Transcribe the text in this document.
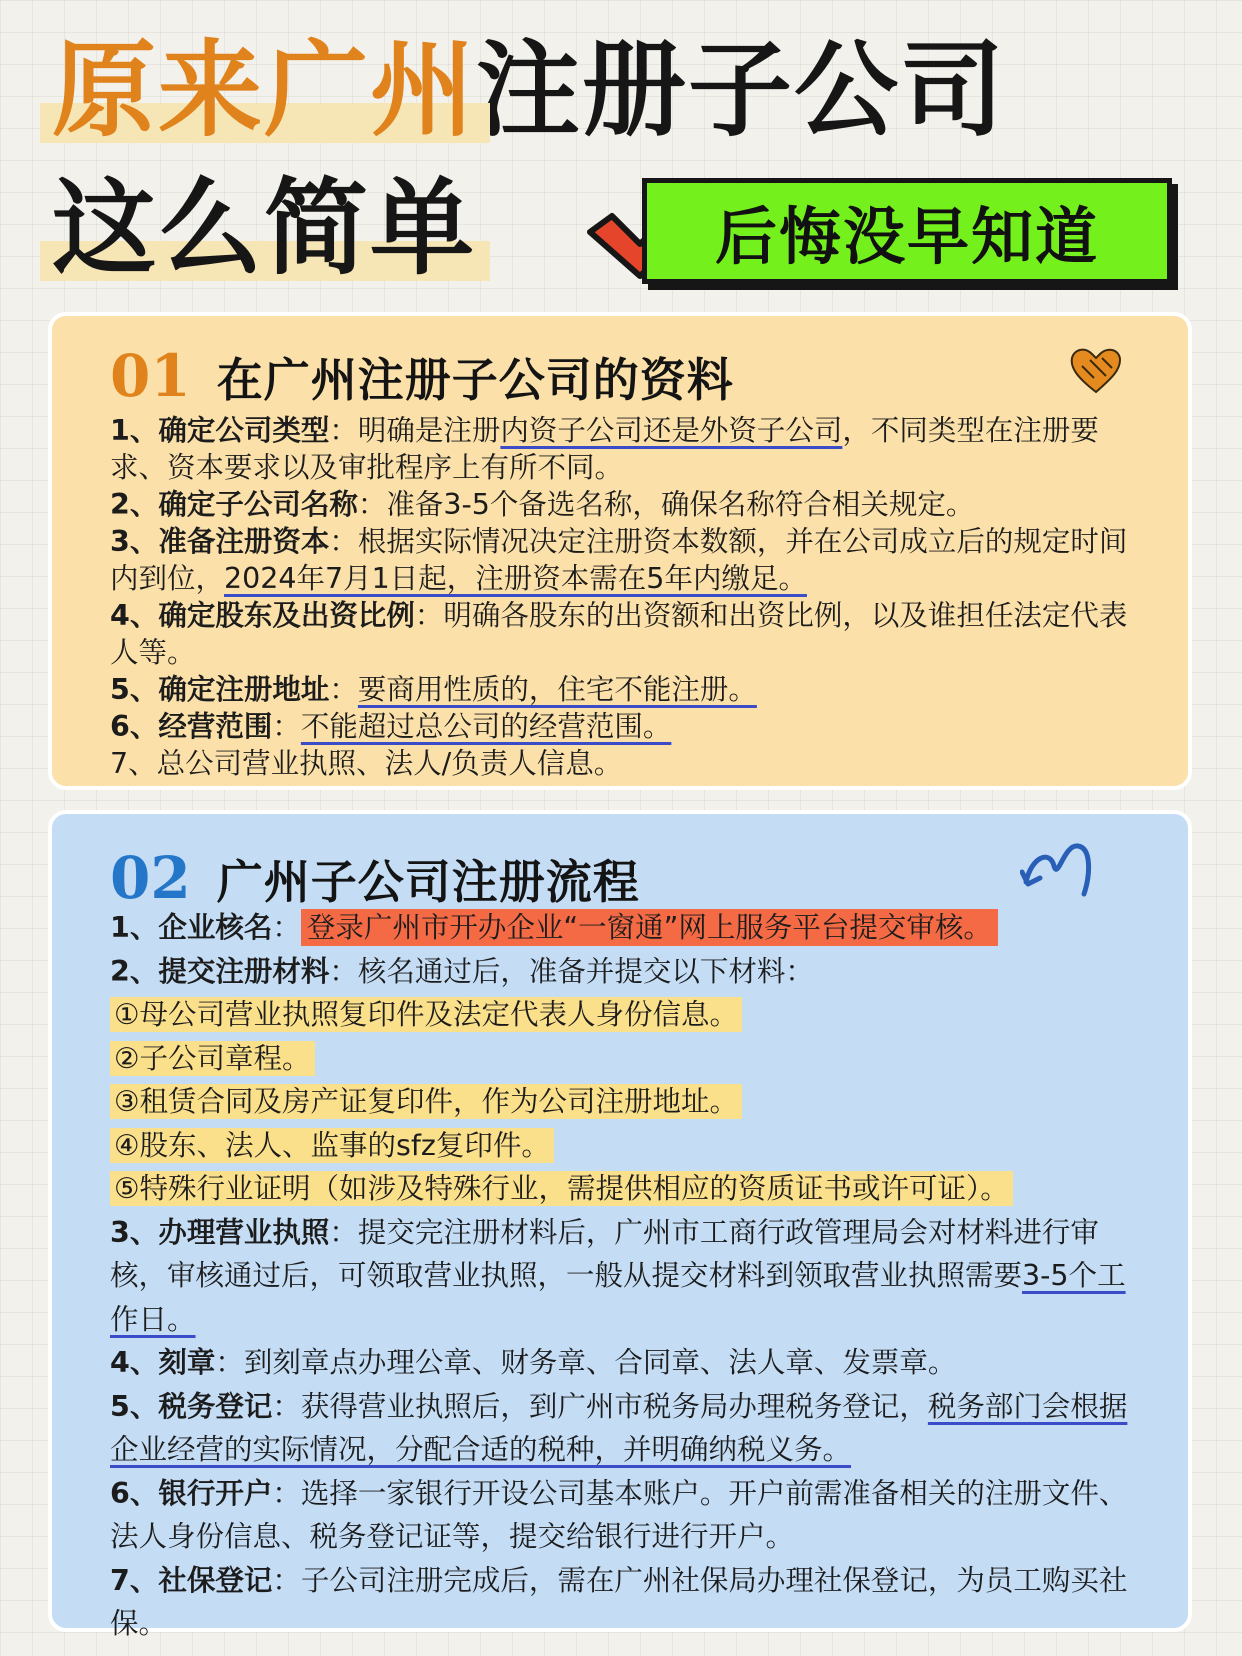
原来广州注册子公司
这么简单	后悔没早知道
01 在广州注册子公司的资料

1、确定公司类型：明确是注册内资子公司还是外资子公司，不同类型在注册要求、资本要求以及审批程序上有所不同。

2、确定子公司名称：准备3-5个备选名称，确保名称符合相关规定。

3、准备注册资本：根据实际情况决定注册资本数额，并在公司成立后的规定时间内到位，2024年7月1日起，注册资本需在5年内缴足。

4、确定股东及出资比例：明确各股东的出资额和出资比例，以及谁担任法定代表人等。

5、确定注册地址：要商用性质的，住宅不能注册。

6、经营范围：不能超过总公司的经营范围。

7、总公司营业执照、法人/负责人信息。

02 广州子公司注册流程

1、企业核名： 登录广州市开办企业“一窗通”网上服务平台提交审核。

2、提交注册材料：核名通过后，准备并提交以下材料：

①母公司营业执照复印件及法定代表人身份信息。

②子公司章程。

③租赁合同及房产证复印件，作为公司注册地址。

④股东、法人、监事的sfz复印件。

⑤特殊行业证明（如涉及特殊行业，需提供相应的资质证书或许可证）。

3、办理营业执照：提交完注册材料后，广州市工商行政管理局会对材料进行审核，审核通过后，可领取营业执照，一般从提交材料到领取营业执照需要3-5个工作日。

4、刻章：到刻章点办理公章、财务章、合同章、法人章、发票章。

5、税务登记：获得营业执照后，到广州市税务局办理税务登记，税务部门会根据企业经营的实际情况，分配合适的税种，并明确纳税义务。

6、银行开户：选择一家银行开设公司基本账户。开户前需准备相关的注册文件、法人身份信息、税务登记证等，提交给银行进行开户。

7、社保登记：子公司注册完成后，需在广州社保局办理社保登记，为员工购买社保。
